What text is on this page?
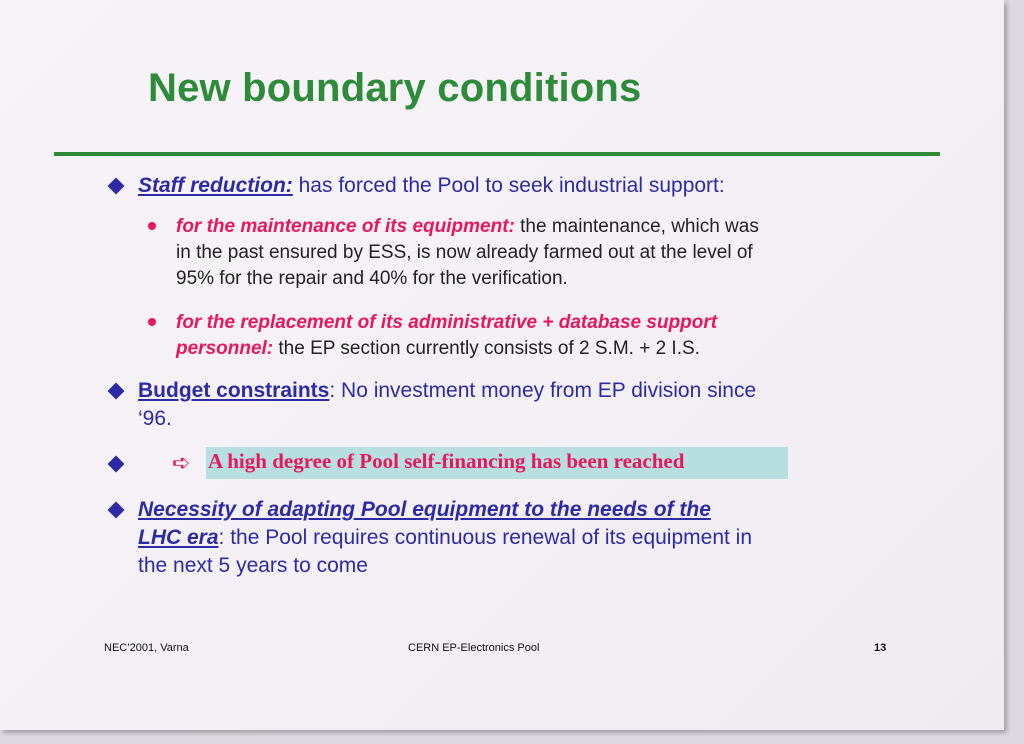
New boundary conditions
Staff reduction: has forced the Pool to seek industrial support:
for the maintenance of its equipment: the maintenance, which was
in the past ensured by ESS, is now already farmed out at the level of
95% for the repair and 40% for the verification.
for the replacement of its administrative + database support
personnel: the EP section currently consists of 2 S.M. + 2 I.S.
Budget constraints: No investment money from EP division since
‘96.
➪ A high degree of Pool self-financing has been reached
Necessity of adapting Pool equipment to the needs of the
LHC era: the Pool requires continuous renewal of its equipment in
the next 5 years to come
NEC’2001, Varna	CERN EP-Electronics Pool	13
